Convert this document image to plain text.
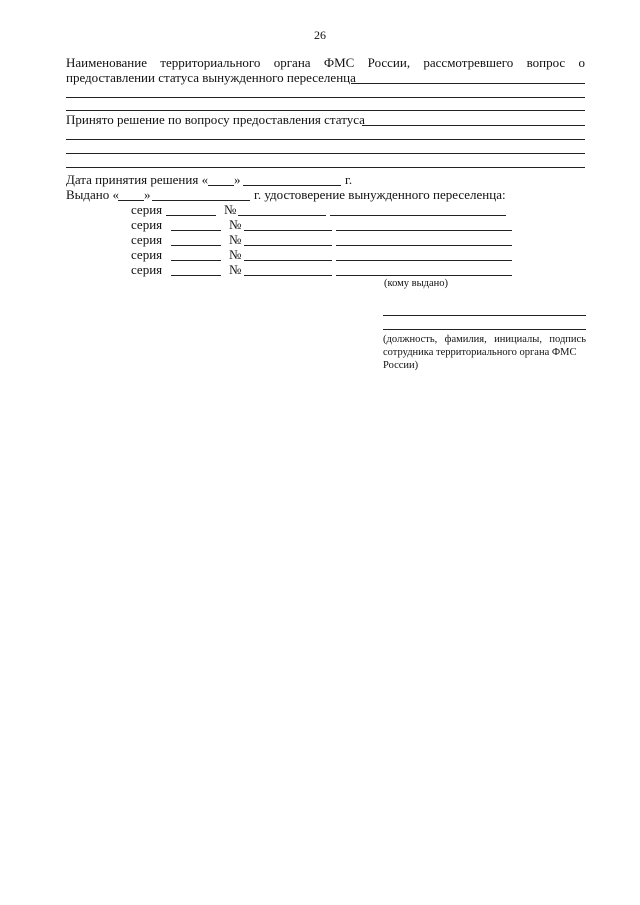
26
Наименование территориального органа ФМС России, рассмотревшего вопрос о
предоставлении статуса вынужденного переселенца
Принято решение по вопросу предоставления статуса
Дата принятия решения « »	г.
Выдано « »	г. удостоверение вынужденного переселенца:
серия	№
серия	№
серия	№
серия	№
серия	№
(кому выдано)
(должность, фамилия, инициалы, подпись
сотрудника территориального органа ФМС
России)
